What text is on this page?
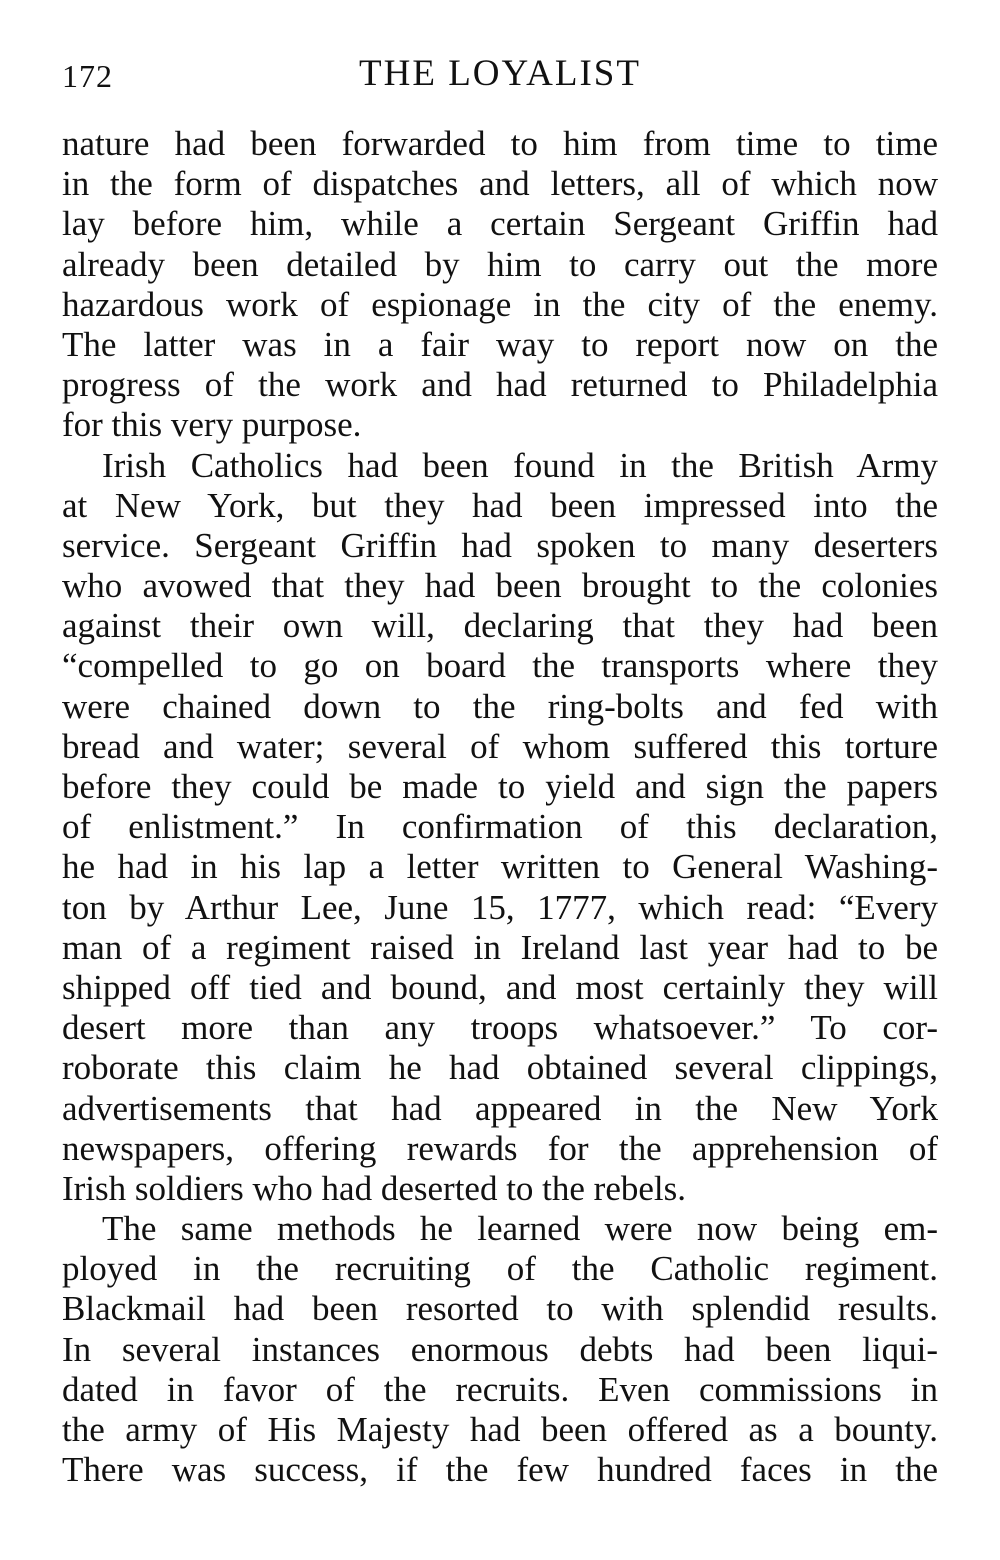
172	THE LOYALIST
nature had been forwarded to him from time to time
in the form of dispatches and letters, all of which now
lay before him, while a certain Sergeant Griffin had
already been detailed by him to carry out the more
hazardous work of espionage in the city of the enemy.
The latter was in a fair way to report now on the
progress of the work and had returned to Philadelphia
for this very purpose.
Irish Catholics had been found in the British Army
at New York, but they had been impressed into the
service. Sergeant Griffin had spoken to many deserters
who avowed that they had been brought to the colonies
against their own will, declaring that they had been
“compelled to go on board the transports where they
were chained down to the ring-bolts and fed with
bread and water; several of whom suffered this torture
before they could be made to yield and sign the papers
of enlistment.” In confirmation of this declaration,
he had in his lap a letter written to General Washing-
ton by Arthur Lee, June 15, 1777, which read: “Every
man of a regiment raised in Ireland last year had to be
shipped off tied and bound, and most certainly they will
desert more than any troops whatsoever.” To cor-
roborate this claim he had obtained several clippings,
advertisements that had appeared in the New York
newspapers, offering rewards for the apprehension of
Irish soldiers who had deserted to the rebels.
The same methods he learned were now being em-
ployed in the recruiting of the Catholic regiment.
Blackmail had been resorted to with splendid results.
In several instances enormous debts had been liqui-
dated in favor of the recruits. Even commissions in
the army of His Majesty had been offered as a bounty.
There was success, if the few hundred faces in the
